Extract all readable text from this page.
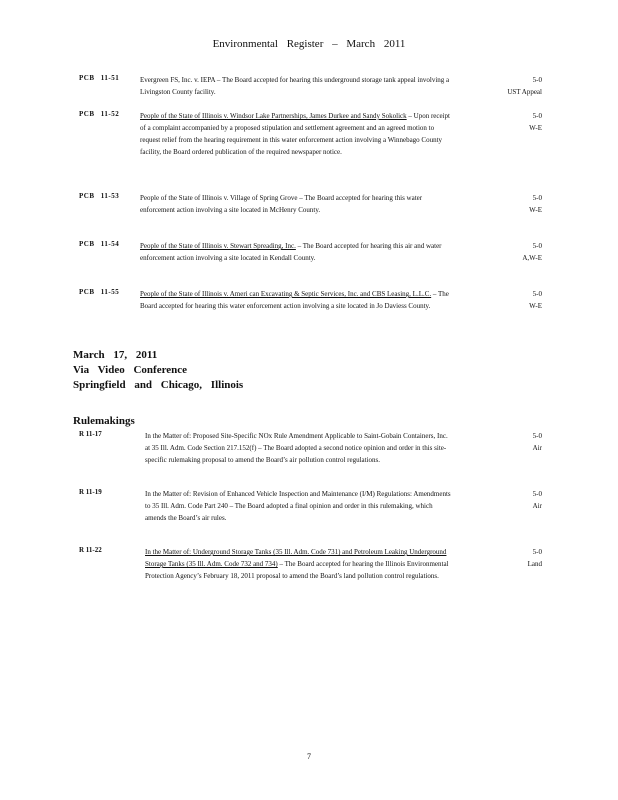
Environmental Register – March 2011
PCB 11-51	Evergreen FS, Inc. v. IEPA – The Board accepted for hearing this underground storage tank appeal involving a Livingston County facility.
5-0
UST Appeal
PCB 11-52	People of the State of Illinois v. Windsor Lake Partnerships, James Durkee and Sandy Sokolick – Upon receipt of a complaint accompanied by a proposed stipulation and settlement agreement and an agreed motion to request relief from the hearing requirement in this water enforcement action involving a Winnebago County facility, the Board ordered publication of the required newspaper notice.
5-0
W-E
PCB 11-53	People of the State of Illinois v. Village of Spring Grove – The Board accepted for hearing this water enforcement action involving a site located in McHenry County.
5-0
W-E
PCB 11-54	People of the State of Illinois v. Stewart Spreading, Inc. – The Board accepted for hearing this air and water enforcement action involving a site located in Kendall County.
5-0
A,W-E
PCB 11-55	People of the State of Illinois v. Ameri can Excavating & Septic Services, Inc. and CBS Leasing, L.L.C. – The Board accepted for hearing this water enforcement action involving a site located in Jo Daviess County.
5-0
W-E
March 17, 2011
Via Video Conference
Springfield and Chicago, Illinois
Rulemakings
R 11-17	In the Matter of: Proposed Site-Specific NOx Rule Amendment Applicable to Saint-Gobain Containers, Inc. at 35 Ill. Adm. Code Section 217.152(f) – The Board adopted a second notice opinion and order in this site-specific rulemaking proposal to amend the Board’s air pollution control regulations.
5-0
Air
R 11-19	In the Matter of: Revision of Enhanced Vehicle Inspection and Maintenance (I/M) Regulations: Amendments to 35 Ill. Adm. Code Part 240 – The Board adopted a final opinion and order in this rulemaking, which amends the Board’s air rules.
5-0
Air
R 11-22	In the Matter of: Underground Storage Tanks (35 Ill. Adm. Code 731) and Petroleum Leaking Underground Storage Tanks (35 Ill. Adm. Code 732 and 734) – The Board accepted for hearing the Illinois Environmental Protection Agency’s February 18, 2011 proposal to amend the Board’s land pollution control regulations.
5-0
Land
7
